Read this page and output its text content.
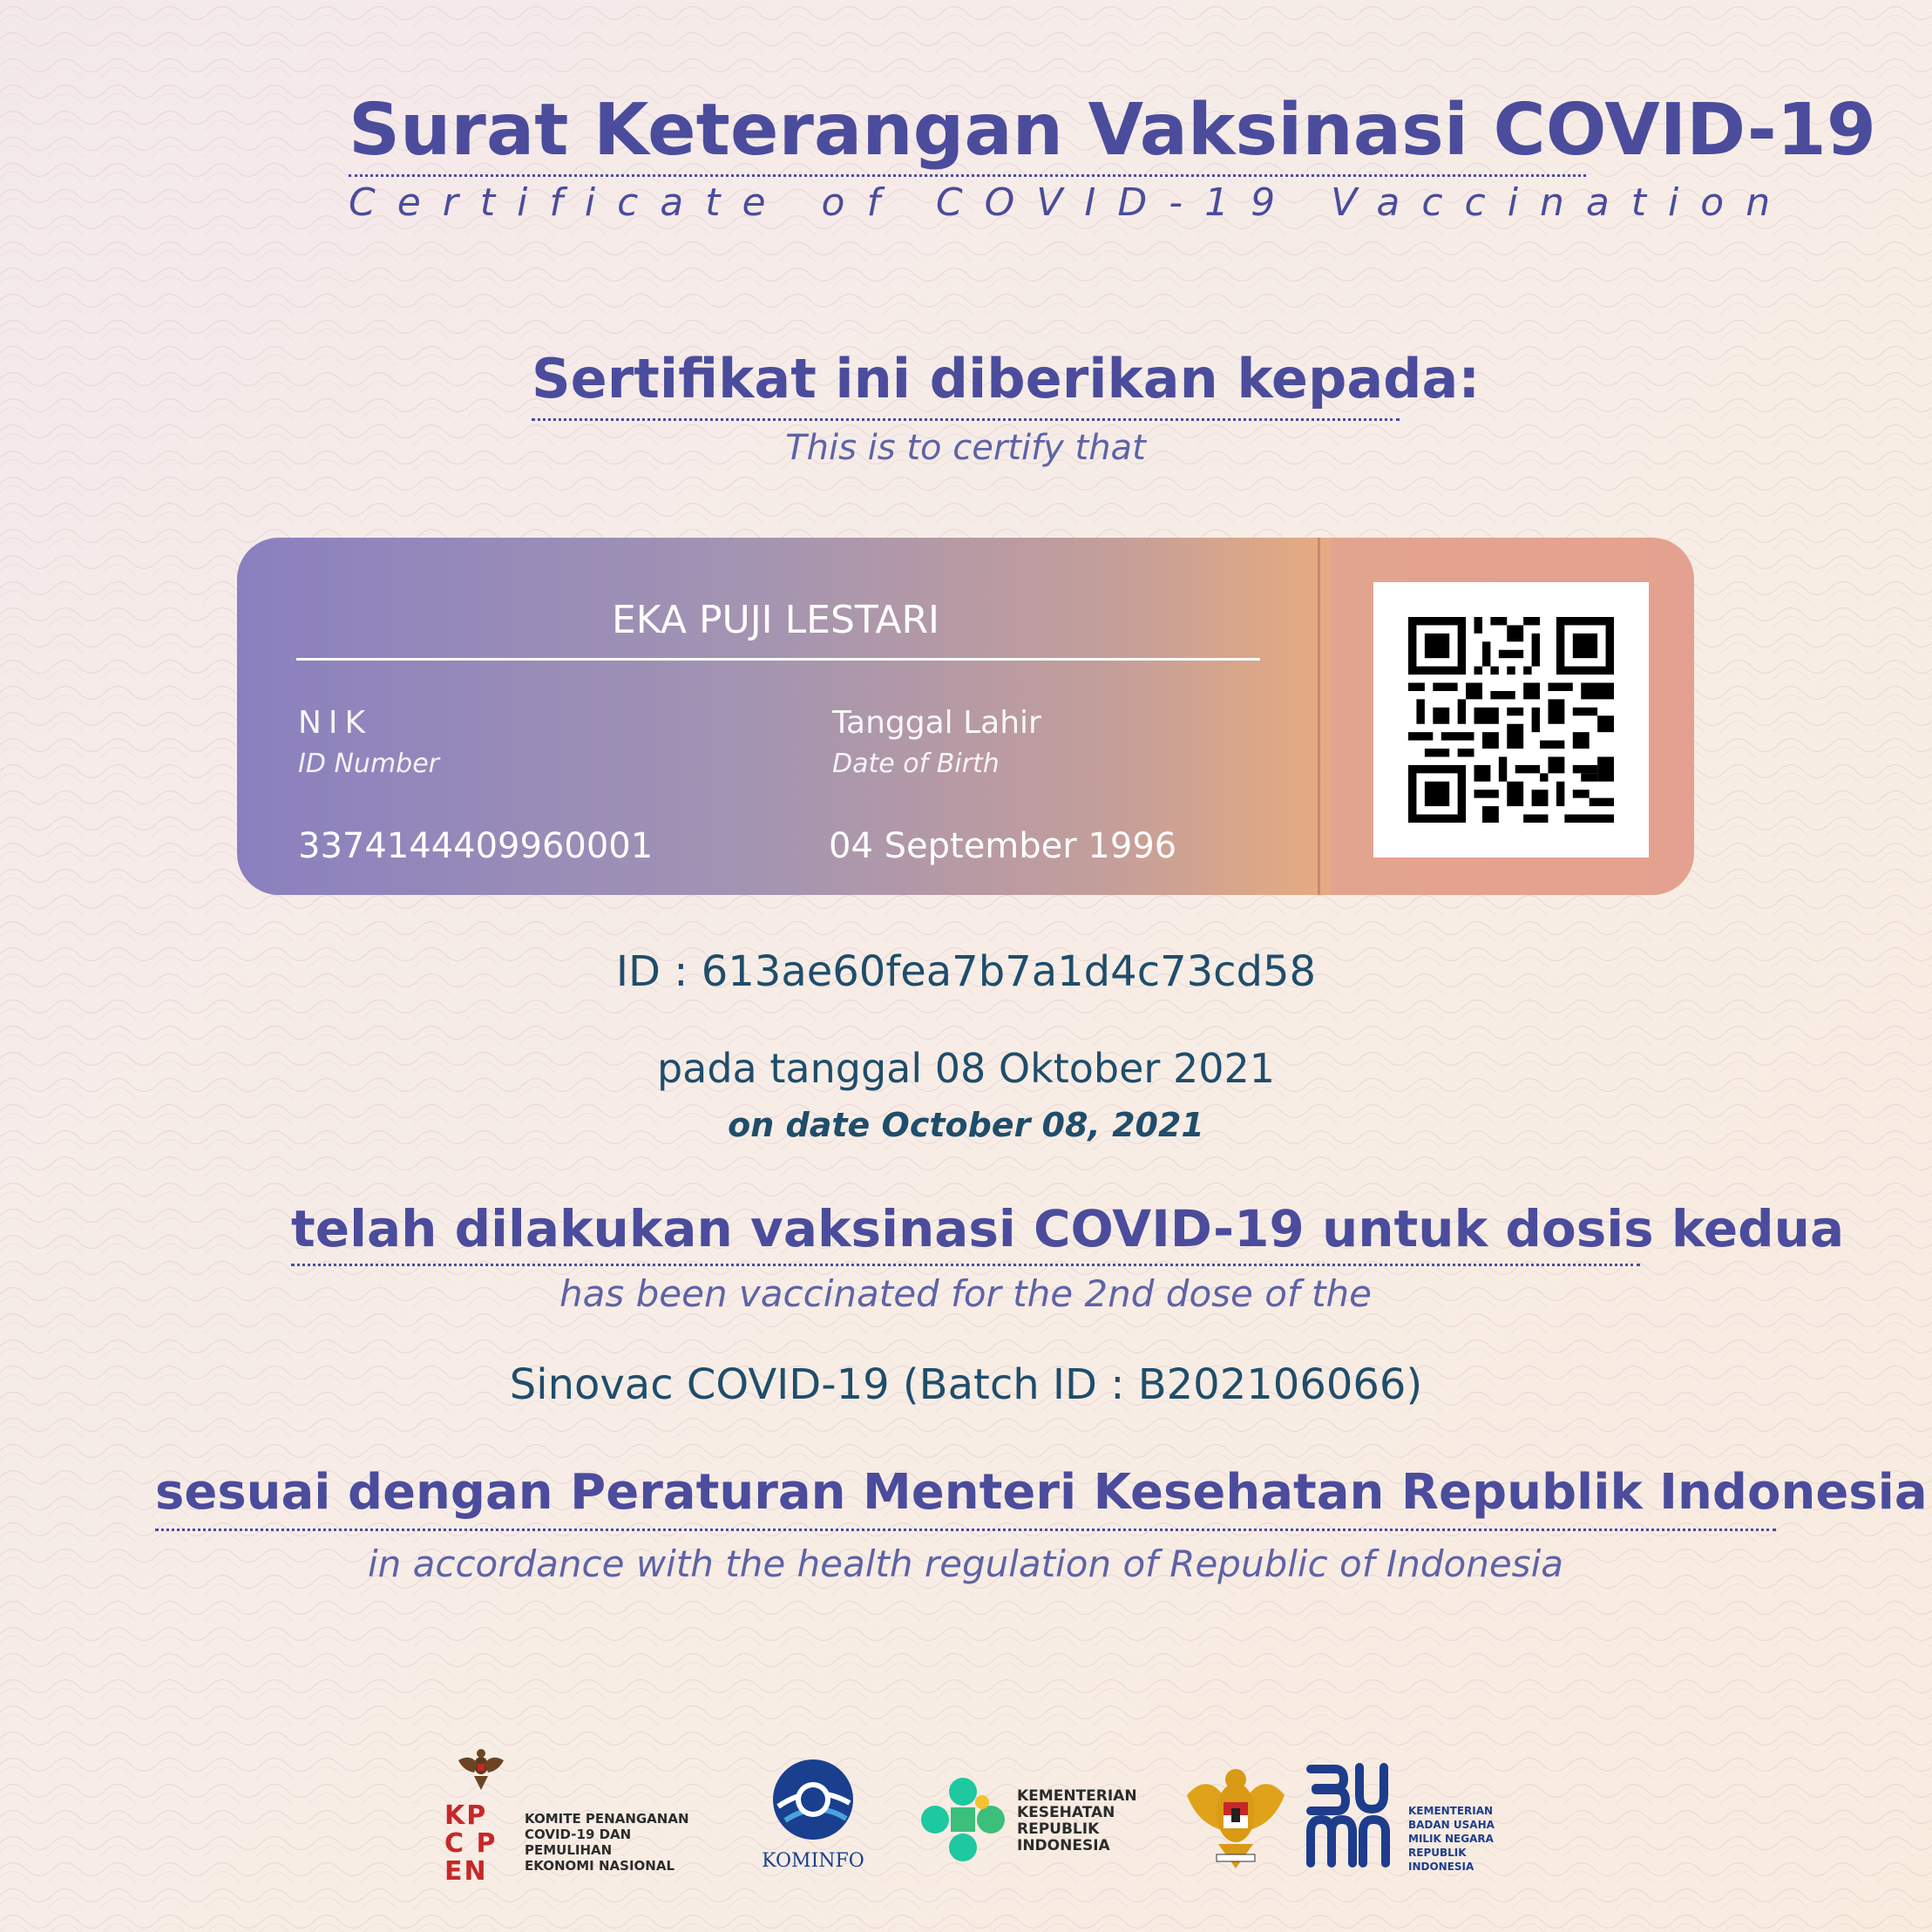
Surat Keterangan Vaksinasi COVID-19
Certificate of COVID-19 Vaccination
Sertifikat ini diberikan kepada:
This is to certify that
EKA PUJI LESTARI
NIK
ID Number
3374144409960001
Tanggal Lahir
Date of Birth
04 September 1996
ID : 613ae60fea7b7a1d4c73cd58
pada tanggal 08 Oktober 2021
on date October 08, 2021
telah dilakukan vaksinasi COVID-19 untuk dosis kedua
has been vaccinated for the 2nd dose of the
Sinovac COVID-19 (Batch ID : B202106066)
sesuai dengan Peraturan Menteri Kesehatan Republik Indonesia
in accordance with the health regulation of Republic of Indonesia
KPC PEN
KOMITE PENANGANAN
COVID-19 DAN PEMULIHAN
EKONOMI NASIONAL	KOMINFO
KEMENTERIAN
KESEHATAN
REPUBLIK
INDONESIA
KEMENTERIAN
BADAN USAHA
MILIK NEGARA
REPUBLIK
INDONESIA
